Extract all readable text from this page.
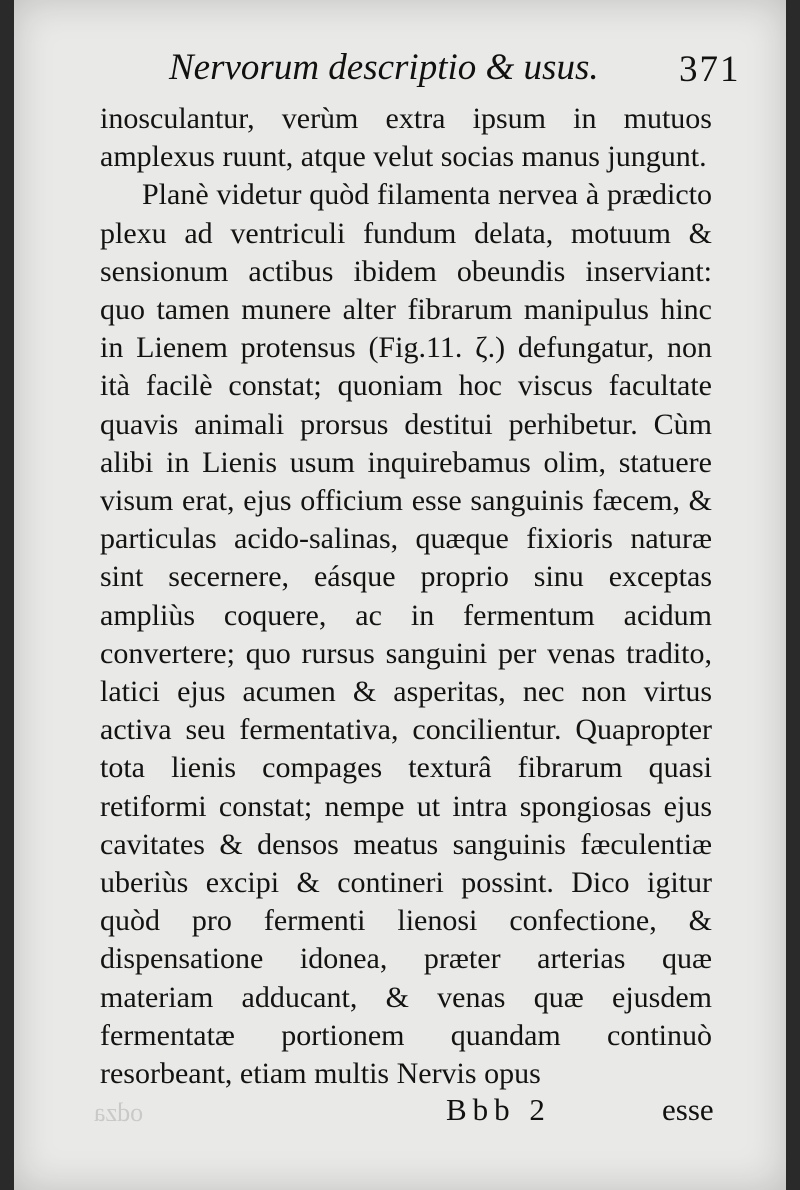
Nervorum descriptio & usus. 371

inosculantur, verùm extra ipsum in mutuos amplexus ruunt, atque velut socias manus jungunt.

Planè videtur quòd filamenta nervea à prædicto plexu ad ventriculi fundum delata, motuum & sensionum actibus ibidem obeundis inserviant: quo tamen munere alter fibrarum manipulus hinc in Lienem protensus (Fig.11. ζ.) defungatur, non ità facilè constat; quoniam hoc viscus facultate quavis animali prorsus destitui perhibetur. Cùm alibi in Lienis usum inquirebamus olim, statuere visum erat, ejus officium esse sanguinis fæcem, & particulas acido-salinas, quæque fixioris naturæ sint secernere, eásque proprio sinu exceptas ampliùs coquere, ac in fermentum acidum convertere; quo rursus sanguini per venas tradito, latici ejus acumen & asperitas, nec non virtus activa seu fermentativa, concilientur. Quapropter tota lienis compages texturâ fibrarum quasi retiformi constat; nempe ut intra spongiosas ejus cavitates & densos meatus sanguinis fæculentiæ uberiùs excipi & contineri possint. Dico igitur quòd pro fermenti lienosi confectione, & dispensatione idonea, præter arterias quæ materiam adducant, & venas quæ ejusdem fermentatæ portionem quandam continuò resorbeant, etiam multis Nervis opus

odza	Bbb 2	esse
